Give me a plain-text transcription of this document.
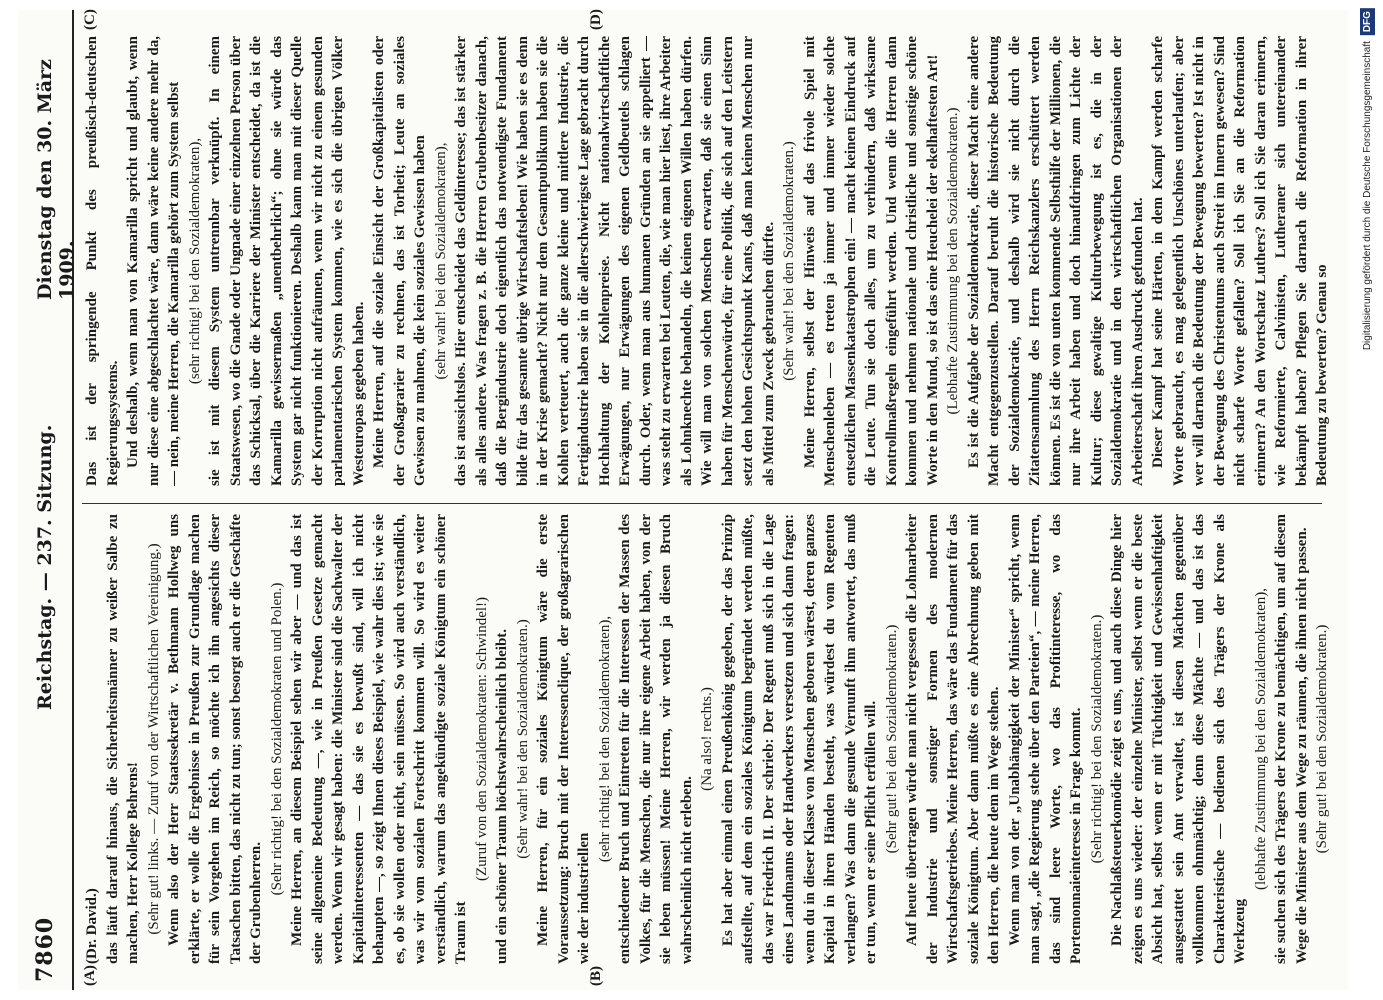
7860
Reichstag. — 237. Sitzung.
Dienstag den 30. März 1909.
(A)	(B)
(C)	(D)

(Dr. David.) das läuft darauf hinaus, die Sicherheitsmänner zu weißer Salbe zu machen, Herr Kollege Behrens! (Sehr gut! links. — Zuruf von der Wirtschaftlichen Vereinigung.) Wenn also der Herr Staatssekretär v. Bethmann Hollweg uns erklärte, er wolle die Ergebnisse in Preußen zur Grundlage machen für sein Vorgehen im Reich, so möchte ich ihn angesichts dieser Tatsachen bitten, das nicht zu tun; sonst besorgt auch er die Geschäfte der Grubenherren.

(Sehr richtig! bei den Sozialdemokraten und Polen.) Meine Herren, an diesem Beispiel sehen wir aber — und das ist seine allgemeine Bedeutung —, wie in Preußen Gesetze gemacht werden. Wenn wir gesagt haben: die Minister sind die Sachwalter der Kapitalinteressenten — das sie es bewußt sind, will ich nicht behaupten —, so zeigt Ihnen dieses Beispiel, wie wahr dies ist; wie sie es, ob sie wollen oder nicht, sein müssen. So wird auch verständlich, was wir vom sozialen Fortschritt kommen will. So wird es weiter verständlich, warum das angekündigte soziale Königtum ein schöner Traum ist

(Zuruf von den Sozialdemokraten: Schwindel!) und ein schöner Traum höchstwahrscheinlich bleibt. (Sehr wahr! bei den Sozialdemokraten.) Meine Herren, für ein soziales Königtum wäre die erste Voraussetzung: Bruch mit der Interessenclique, der großagrarischen wie der industriellen

(sehr richtig! bei den Sozialdemokraten), entschiedener Bruch und Eintreten für die Interessen der Massen des Volkes, für die Menschen, die nur ihre eigene Arbeit haben, von der sie leben müssen! Meine Herren, wir werden ja diesen Bruch wahrscheinlich nicht erleben.

(Na also! rechts.) Es hat aber einmal einen Preußenkönig gegeben, der das Prinzip aufstellte, auf dem ein soziales Königtum begründet werden müßte, das war Friedrich II. Der schrieb: Der Regent muß sich in die Lage eines Landmanns oder Handwerkers versetzen und sich dann fragen: wenn du in dieser Klasse von Menschen geboren wärest, deren ganzes Kapital in ihren Händen besteht, was würdest du vom Regenten verlangen? Was dann die gesunde Vernunft ihm antwortet, das muß er tun, wenn er seine Pflicht erfüllen will. (Sehr gut! bei den Sozialdemokraten.) Auf heute übertragen würde man nicht vergessen die Lohnarbeiter der Industrie und sonstiger Formen des modernen Wirtschaftsgetriebes. Meine Herren, das wäre das Fundament für das soziale Königtum. Aber dann müßte es eine Abrechnung geben mit den Herren, die heute dem im Wege stehen. Wenn man von der „Unabhängigkeit der Minister“ spricht, wenn man sagt, „die Regierung stehe über den Parteien“, — meine Herren, das sind leere Worte, wo das Profitinteresse, wo das Portemonnaieinteresse in Frage kommt. (Sehr richtig! bei den Sozialdemokraten.) Die Nachlaßsteuerkomödie zeigt es uns, und auch diese Dinge hier zeigen es uns wieder: der einzelne Minister, selbst wenn er die beste Absicht hat, selbst wenn er mit Tüchtigkeit und Gewissenhaftigkeit ausgestattet sein Amt verwaltet, ist diesen Mächten gegenüber vollkommen ohnmächtig; denn diese Mächte — und das ist das Charakteristische — bedienen sich des Trägers der Krone als Werkzeug

(lebhafte Zustimmung bei den Sozialdemokraten), sie suchen sich des Trägers der Krone zu bemächtigen, um auf diesem Wege die Minister aus dem Wege zu räumen, die ihnen nicht passen. (Sehr gut! bei den Sozialdemokraten.)

Das ist der springende Punkt des preußisch-deutschen Regierungssystems. Und deshalb, wenn man von Kamarilla spricht und glaubt, wenn nur diese eine abgeschlachtet wäre, dann wäre keine andere mehr da, — nein, meine Herren, die Kamarilla gehört zum System selbst (sehr richtig! bei den Sozialdemokraten), sie ist mit diesem System untrennbar verknüpft. In einem Staatswesen, wo die Gnade oder Ungnade einer einzelnen Person über das Schicksal, über die Karriere der Minister entscheidet, da ist die Kamarilla gewissermaßen „unentbehrlich“; ohne sie würde das System gar nicht funktionieren. Deshalb kann man mit dieser Quelle der Korruption nicht aufräumen, wenn wir nicht zu einem gesunden parlamentarischen System kommen, wie es sich die übrigen Völker Westeuropas gegeben haben. Meine Herren, auf die soziale Einsicht der Großkapitalisten oder der Großagrarier zu rechnen, das ist Torheit; Leute an soziales Gewissen zu mahnen, die kein soziales Gewissen haben (sehr wahr! bei den Sozialdemokraten), das ist aussichtslos. Hier entscheidet das Geldinteresse; das ist stärker als alles andere. Was fragen z. B. die Herren Grubenbesitzer danach, daß die Bergindustrie doch eigentlich das notwendigste Fundament bilde für das gesamte übrige Wirtschaftsleben! Wie haben sie es denn in der Krise gemacht? Nicht nur dem Gesamtpublikum haben sie die Kohlen verteuert, auch die ganze kleine und mittlere Industrie, die Fertigindustrie haben sie in die allerschwierigste Lage gebracht durch Hochhaltung der Kohlenpreise. Nicht nationalwirtschaftliche Erwägungen, nur Erwägungen des eigenen Geldbeutels schlagen durch. Oder, wenn man aus humanen Gründen an sie appelliert — was steht zu erwarten bei Leuten, die, wie man hier liest, ihre Arbeiter als Lohnknechte behandeln, die keinen eigenen Willen haben dürfen. Wie will man von solchen Menschen erwarten, daß sie einen Sinn haben für Menschenwürde, für eine Politik, die sich auf den Leitstern setzt den hohen Gesichtspunkt Kants, daß man keinen Menschen nur als Mittel zum Zweck gebrauchen dürfte. (Sehr wahr! bei den Sozialdemokraten.) Meine Herren, selbst der Hinweis auf das frivole Spiel mit Menschenleben — es treten ja immer und immer wieder solche entsetzlichen Massenkatastrophen ein! — macht keinen Eindruck auf die Leute. Tun sie doch alles, um zu verhindern, daß wirksame Kontrollmaßregeln eingeführt werden. Und wenn die Herren dann kommen und nehmen nationale und christliche und sonstige schöne Worte in den Mund, so ist das eine Heuchelei der ekelhaftesten Art! (Lebhafte Zustimmung bei den Sozialdemokraten.) Es ist die Aufgabe der Sozialdemokratie, dieser Macht eine andere Macht entgegenzustellen. Darauf beruht die historische Bedeutung der Sozialdemokratie, und deshalb wird sie nicht durch die Zitatensammlung des Herrn Reichskanzlers erschüttert werden können. Es ist die von unten kommende Selbsthilfe der Millionen, die nur ihre Arbeit haben und doch hinaufdringen zum Lichte der Kultur; diese gewaltige Kulturbewegung ist es, die in der Sozialdemokratie und in den wirtschaftlichen Organisationen der Arbeiterschaft ihren Ausdruck gefunden hat. Dieser Kampf hat seine Härten, in dem Kampf werden scharfe Worte gebraucht, es mag gelegentlich Unschönes unterlaufen; aber wer will darnach die Bedeutung der Bewegung bewerten? Ist nicht in der Bewegung des Christentums auch Streit im Innern gewesen? Sind nicht scharfe Worte gefallen? Soll ich Sie an die Reformation erinnern? An den Wortschatz Luthers? Soll ich Sie daran erinnern, wie Reformierte, Calvinisten, Lutheraner sich untereinander bekämpft haben? Pflegen Sie darnach die Reformation in ihrer Bedeutung zu bewerten? Genau so

Digitalisierung gefördert durch die Deutsche Forschungsgemeinschaft
DFG
